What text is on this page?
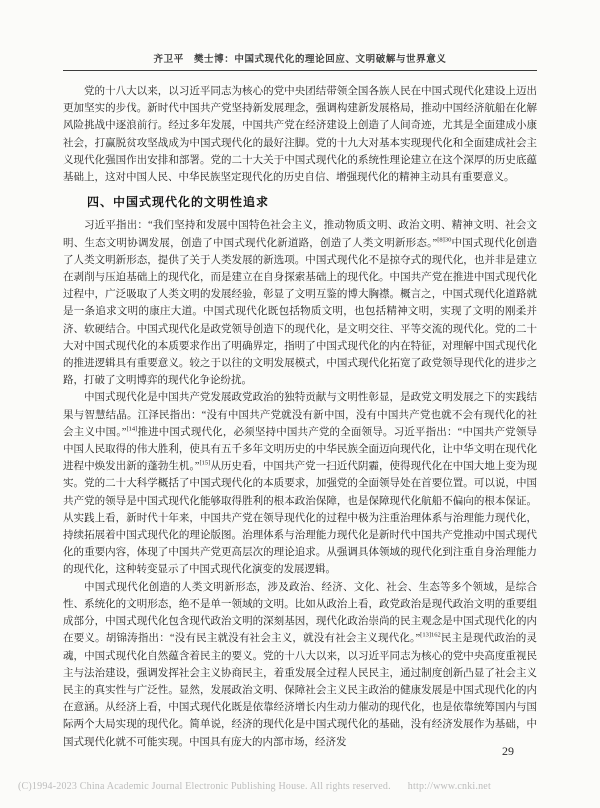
齐卫平　樊士博：中国式现代化的理论回应、文明破解与世界意义

党的十八大以来，以习近平同志为核心的党中央团结带领全国各族人民在中国式现代化建设上迈出更加坚实的步伐。新时代中国共产党坚持新发展理念，强调构建新发展格局，推动中国经济航船在化解风险挑战中逐浪前行。经过多年发展，中国共产党在经济建设上创造了人间奇迹，尤其是全面建成小康社会，打赢脱贫攻坚战成为中国式现代化的最好注脚。党的十九大对基本实现现代化和全面建成社会主义现代化强国作出安排和部署。党的二十大关于中国式现代化的系统性理论建立在这个深厚的历史底蕴基础上，这对中国人民、中华民族坚定现代化的历史自信、增强现代化的精神主动具有重要意义。

四、中国式现代化的文明性追求

习近平指出：“我们坚持和发展中国特色社会主义，推动物质文明、政治文明、精神文明、社会文明、生态文明协调发展，创造了中国式现代化新道路，创造了人类文明新形态。”$^{[8]30}$中国式现代化创造了人类文明新形态，提供了关于人类发展的新选项。中国式现代化不是掠夺式的现代化，也并非是建立在剥削与压迫基础上的现代化，而是建立在自身探索基础上的现代化。中国共产党在推进中国式现代化过程中，广泛吸取了人类文明的发展经验，彰显了文明互鉴的博大胸襟。概言之，中国式现代化道路就是一条追求文明的康庄大道。中国式现代化既包括物质文明，也包括精神文明，实现了文明的刚柔并济、软硬结合。中国式现代化是政党领导创造下的现代化，是文明交往、平等交流的现代化。党的二十大对中国式现代化的本质要求作出了明确界定，指明了中国式现代化的内在特征，对理解中国式现代化的推进逻辑具有重要意义。较之于以往的文明发展模式，中国式现代化拓宽了政党领导现代化的进步之路，打破了文明博弈的现代化争论纷扰。

中国式现代化是中国共产党发展政党政治的独特贡献与文明性彰显，是政党文明发展之下的实践结果与智慧结晶。江泽民指出：“没有中国共产党就没有新中国，没有中国共产党也就不会有现代化的社会主义中国。”[14]推进中国式现代化，必须坚持中国共产党的全面领导。习近平指出：“中国共产党领导中国人民取得的伟大胜利，使具有五千多年文明历史的中华民族全面迈向现代化，让中华文明在现代化进程中焕发出新的蓬勃生机。”[15]从历史看，中国共产党一扫近代阴霾，使得现代化在中国大地上变为现实。党的二十大科学概括了中国式现代化的本质要求，加强党的全面领导处在首要位置。可以说，中国共产党的领导是中国式现代化能够取得胜利的根本政治保障，也是保障现代化航船不偏向的根本保证。从实践上看，新时代十年来，中国共产党在领导现代化的过程中极为注重治理体系与治理能力现代化，持续拓展着中国式现代化的理论版图。治理体系与治理能力现代化是新时代中国共产党推动中国式现代化的重要内容，体现了中国共产党更高层次的理论追求。从强调具体领域的现代化到注重自身治理能力的现代化，这种转变显示了中国式现代化演变的发展逻辑。

中国式现代化创造的人类文明新形态，涉及政治、经济、文化、社会、生态等多个领域，是综合性、系统化的文明形态，绝不是单一领域的文明。比如从政治上看，政党政治是现代政治文明的重要组成部分，中国式现代化包含现代政治文明的深刻基因，现代化政治崇尚的民主观念是中国式现代化的内在要义。胡锦涛指出：“没有民主就没有社会主义，就没有社会主义现代化。”$^{[13]162}$民主是现代政治的灵魂，中国式现代化自然蕴含着民主的要义。党的十八大以来，以习近平同志为核心的党中央高度重视民主与法治建设，强调发挥社会主义协商民主，着重发展全过程人民民主，通过制度创新凸显了社会主义民主的真实性与广泛性。显然，发展政治文明、保障社会主义民主政治的健康发展是中国式现代化的内在意涵。从经济上看，中国式现代化既是依靠经济增长内生动力催动的现代化，也是依靠统筹国内与国际两个大局实现的现代化。简单说，经济的现代化是中国式现代化的基础，没有经济发展作为基础，中国式现代化就不可能实现。中国具有庞大的内部市场，经济发

29
(C)1994-2023 China Academic Journal Electronic Publishing House. All rights reserved. http://www.cnki.net
